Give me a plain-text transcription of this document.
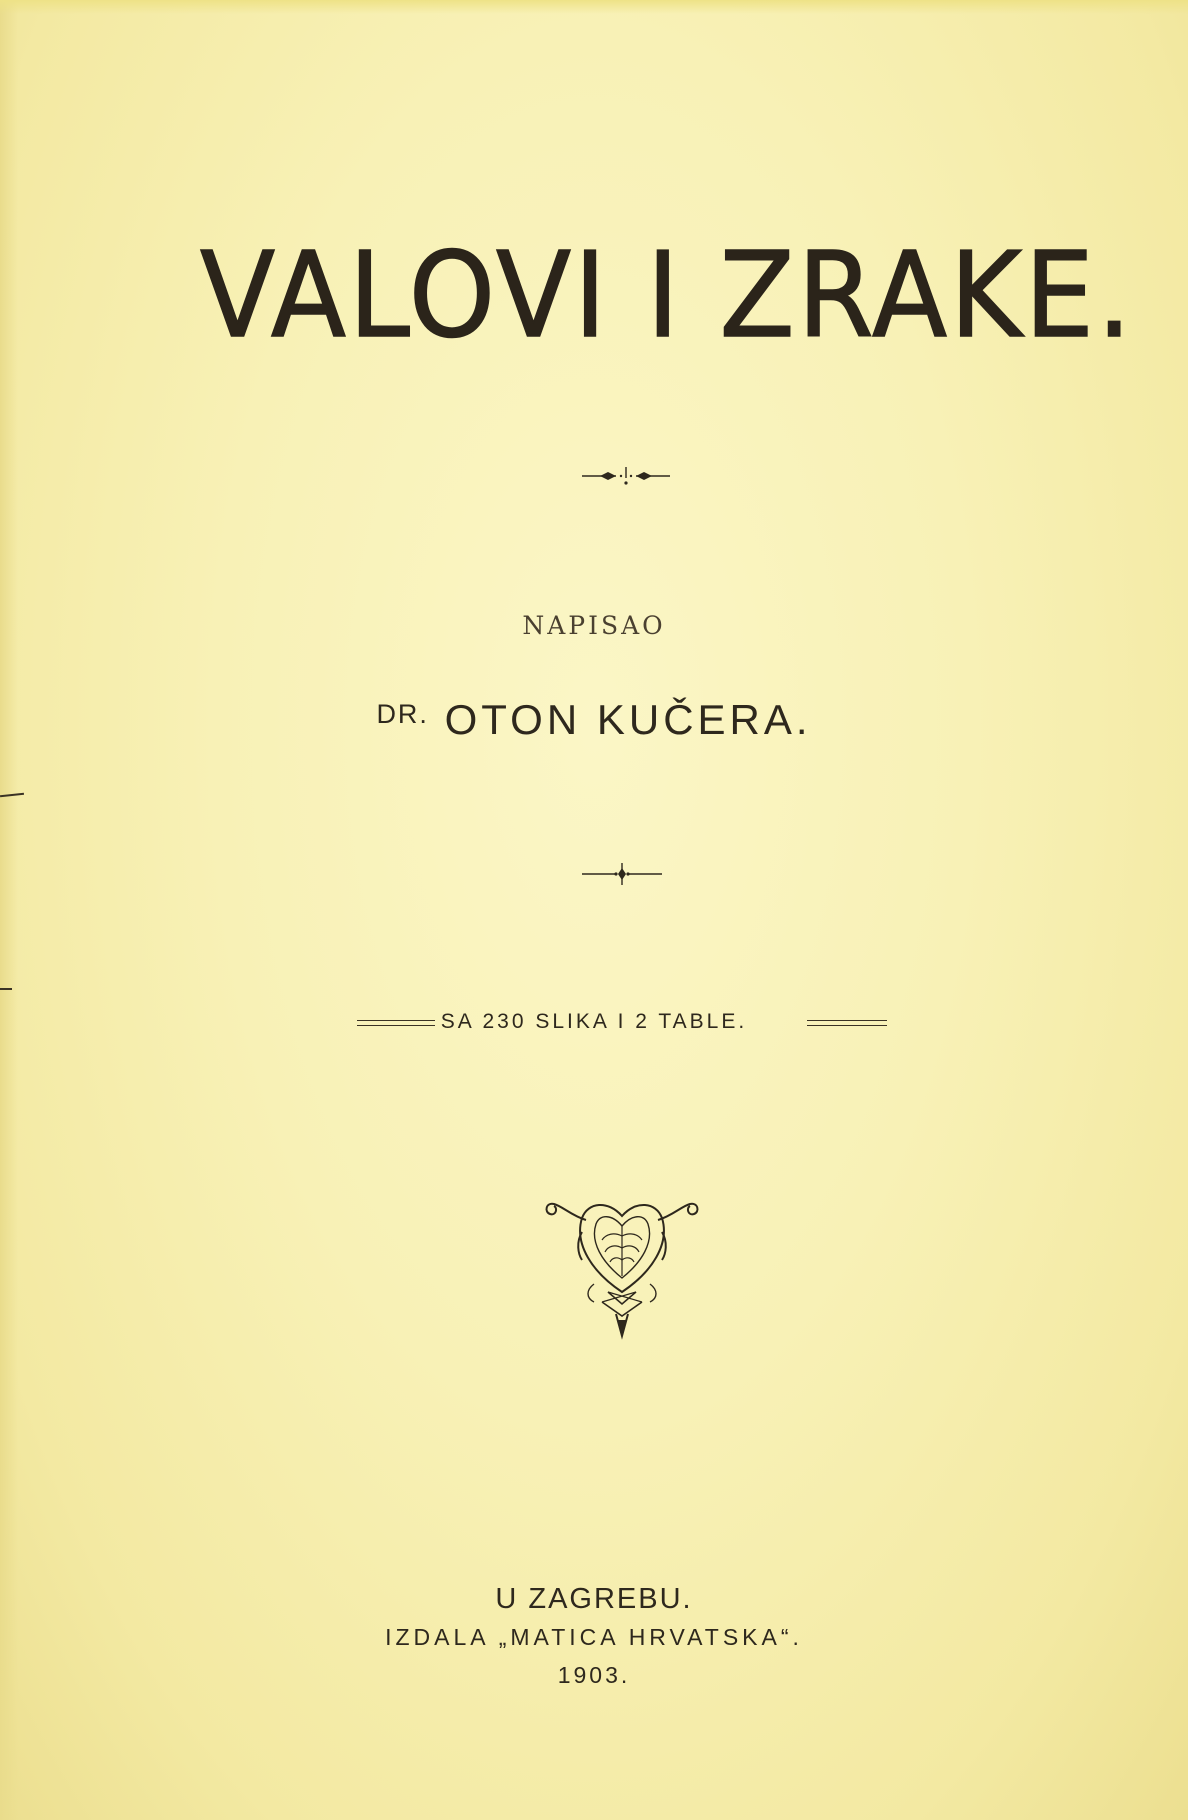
VALOVI I ZRAKE.
NAPISAO
$^{DR.}$ OTON KUČERA.
SA 230 SLIKA I 2 TABLE.
U ZAGREBU.
IZDALA „MATICA HRVATSKA“.
1903.
